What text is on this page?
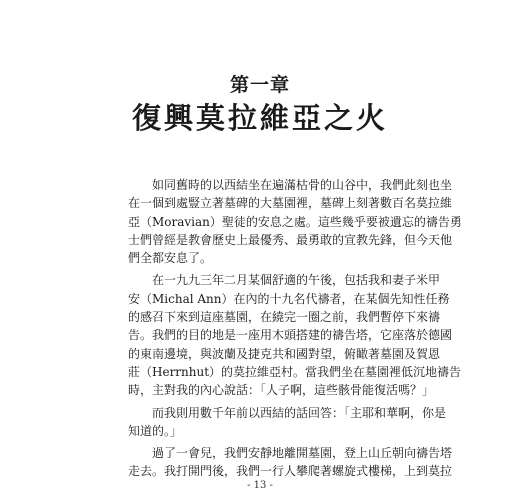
第一章
復興莫拉維亞之火
如同舊時的以西結坐在遍滿枯骨的山谷中，我們此刻也坐
在一個到處豎立著墓碑的大墓園裡，墓碑上刻著數百名莫拉維
亞（Moravian）聖徒的安息之處。這些幾乎要被遺忘的禱告勇
士們曾經是教會歷史上最優秀、最勇敢的宣教先鋒，但今天他
們全都安息了。
在一九九三年二月某個舒適的午後，包括我和妻子米甲
安（Michal Ann）在內的十九名代禱者，在某個先知性任務
的感召下來到這座墓園，在繞完一圈之前，我們暫停下來禱
告。我們的目的地是一座用木頭搭建的禱告塔，它座落於德國
的東南邊境，與波蘭及捷克共和國對望，俯瞰著墓園及賀恩
莊（Herrnhut）的莫拉維亞村。當我們坐在墓園裡低沉地禱告
時，主對我的內心說話：「人子啊，這些骸骨能復活嗎？」
而我則用數千年前以西結的話回答：「主耶和華啊，你是
知道的。」
過了一會兒，我們安靜地離開墓園，登上山丘朝向禱告塔
走去。我打開門後，我們一行人攀爬著螺旋式樓梯，上到莫拉
- 13 -
